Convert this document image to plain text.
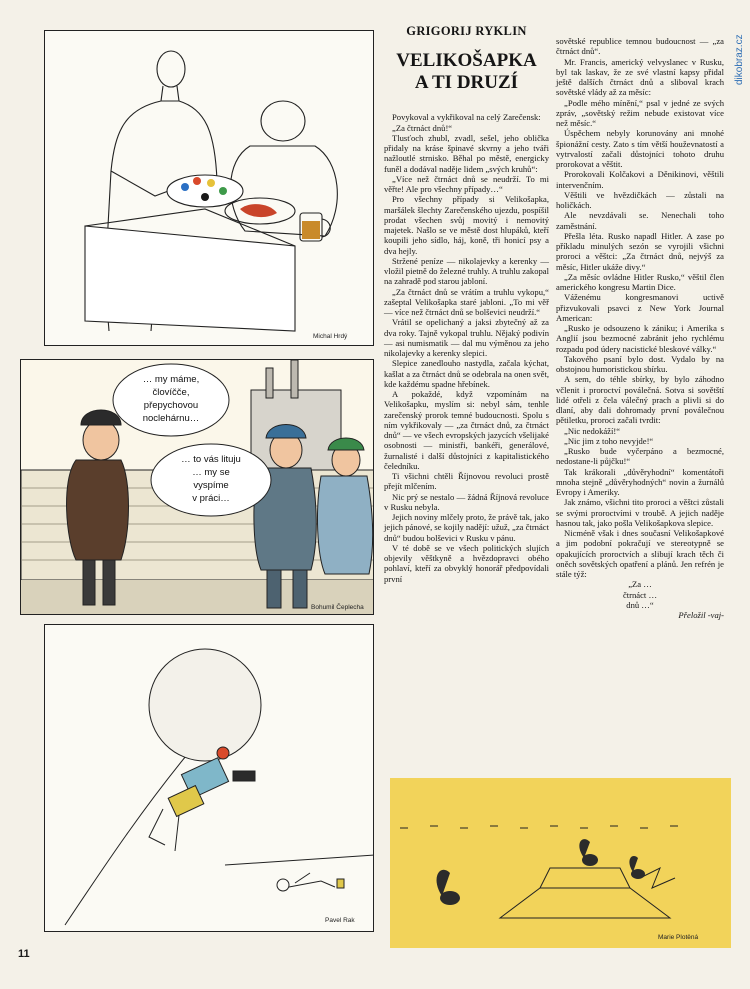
dikobraz.cz
Michal Hrdý
… my máme,
človíčče,
přepychovou
noclehárnu…
… to vás lituju
… my se
vyspíme
v práci…
Bohumil Čeplecha
Pavel Rak
11
GRIGORIJ RYKLIN
VELIKOŠAPKA
A TI DRUZÍ

Povykoval a vykřikoval na celý Zarečensk:

„Za čtrnáct dnů!“

Tlusťoch zhubl, zvadl, sešel, jeho oblička přidaly na kráse špinavé skvrny a jeho tváři nažloutlé strnisko. Běhal po městě, energicky funěl a dodával naděje lidem „svých kruhů“:

„Více než čtrnáct dnů se neudrží. To mi věřte! Ale pro všechny případy…“

Pro všechny případy si Velikošapka, maršálek šlechty Zarečenského ujezdu, pospíšil prodat všechen svůj movitý i nemovitý majetek. Našlo se ve městě dost hlupáků, kteří koupili jeho sídlo, háj, koně, tři honicí psy a dva hejly.

Stržené peníze — nikolajevky a kerenky — vložil pietně do železné truhly. A truhlu zakopal na zahradě pod starou jabloní.

„Za čtrnáct dnů se vrátím a truhlu vykopu,“ zašeptal Velikošapka staré jabloni. „To mi věř — více než čtrnáct dnů se bolševici neudrží.“

Vrátil se opelichaný a jaksi zbytečný až za dva roky. Tajně vykopal truhlu. Nějaký podivín — asi numismatik — dal mu výměnou za jeho nikolajevky a kerenky slepici.

Slepice zanedlouho nastydla, začala kýchat, kašlat a za čtrnáct dnů se odebrala na onen svět, kde každému spadne hřebínek.

A pokaždé, když vzpomínám na Velikošapku, myslím si: nebyl sám, tenhle zarečenský prorok temné budoucnosti. Spolu s ním vykřikovaly — „za čtrnáct dnů, za čtrnáct dnů“ — ve všech evropských jazycích všelijaké osobnosti — ministři, bankéři, generálové, žurnalisté i další důstojníci z kapitalistického čeledníku.

Ti všichni chtěli Říjnovou revoluci prostě přejít mlčením.

Nic prý se nestalo — žádná Říjnová revoluce v Rusku nebyla.

Jejich noviny mlčely proto, že právě tak, jako jejich pánové, se kojily nadějí: užuž, „za čtrnáct dnů“ budou bolševici v Rusku v pánu.

V té době se ve všech politických slujích objevily věštkyně a hvězdopravci obého pohlaví, kteří za obvyklý honorář předpovídali první

sovětské republice temnou budoucnost — „za čtrnáct dnů“.

Mr. Francis, americký velvyslanec v Rusku, byl tak laskav, že ze své vlastní kapsy přidal ještě dalších čtrnáct dnů a sliboval krach sovětské vlády až za měsíc:

„Podle mého mínění,“ psal v jedné ze svých zpráv, „sovětský režim nebude existovat více než měsíc.“

Úspěchem nebyly korunovány ani mnohé špionážní cesty. Zato s tím větší houževnatostí a vytrvalostí začali důstojníci tohoto druhu prorokovat a věštit.

Prorokovali Kolčakovi a Děnikinovi, věštili intervenčním.

Věštili ve hvězdičkách — zůstali na holičkách.

Ale nevzdávali se. Nenechali toho zaměstnání.

Přešla léta. Rusko napadl Hitler. A zase po příkladu minulých sezón se vyrojili všichni proroci a věštci: „Za čtrnáct dnů, nejvýš za měsíc, Hitler ukáže divy.“

„Za měsíc ovládne Hitler Rusko,“ věštil člen amerického kongresu Martin Dice.

Váženému kongresmanovi uctivě přizvukovali psavci z New York Journal American:

„Rusko je odsouzeno k zániku; i Amerika s Anglií jsou bezmocné zabránit jeho rychlému rozpadu pod údery nacistické bleskové války.“

Takového psaní bylo dost. Vydalo by na obstojnou humoristickou sbírku.

A sem, do téhle sbírky, by bylo záhodno včlenit i proroctví poválečná. Sotva si sovětští lidé otřeli z čela válečný prach a plivli si do dlaní, aby dali dohromady první poválečnou pětiletku, proroci začali tvrdit:

„Nic nedokáží!“

„Nic jim z toho nevyjde!“

„Rusko bude vyčerpáno a bezmocné, nedostane-li půjčku!“

Tak krákorali „důvěryhodní“ komentátoři mnoha stejně „důvěryhodných“ novin a žurnálů Evropy i Ameriky.

Jak známo, všichni tito proroci a věštci zůstali se svými proroctvími v troubě. A jejich naděje hasnou tak, jako pošla Velikošapkova slepice.

Nicméně však i dnes současní Velikošapkové a jim podobní pokračují ve stereotypně se opakujících proroctvích a slibují krach těch či oněch sovětských opatření a plánů. Jen refrén je stále týž:

„Za …

čtrnáct …

dnů …“

Přeložil -vaj-

Marie Plotěná
